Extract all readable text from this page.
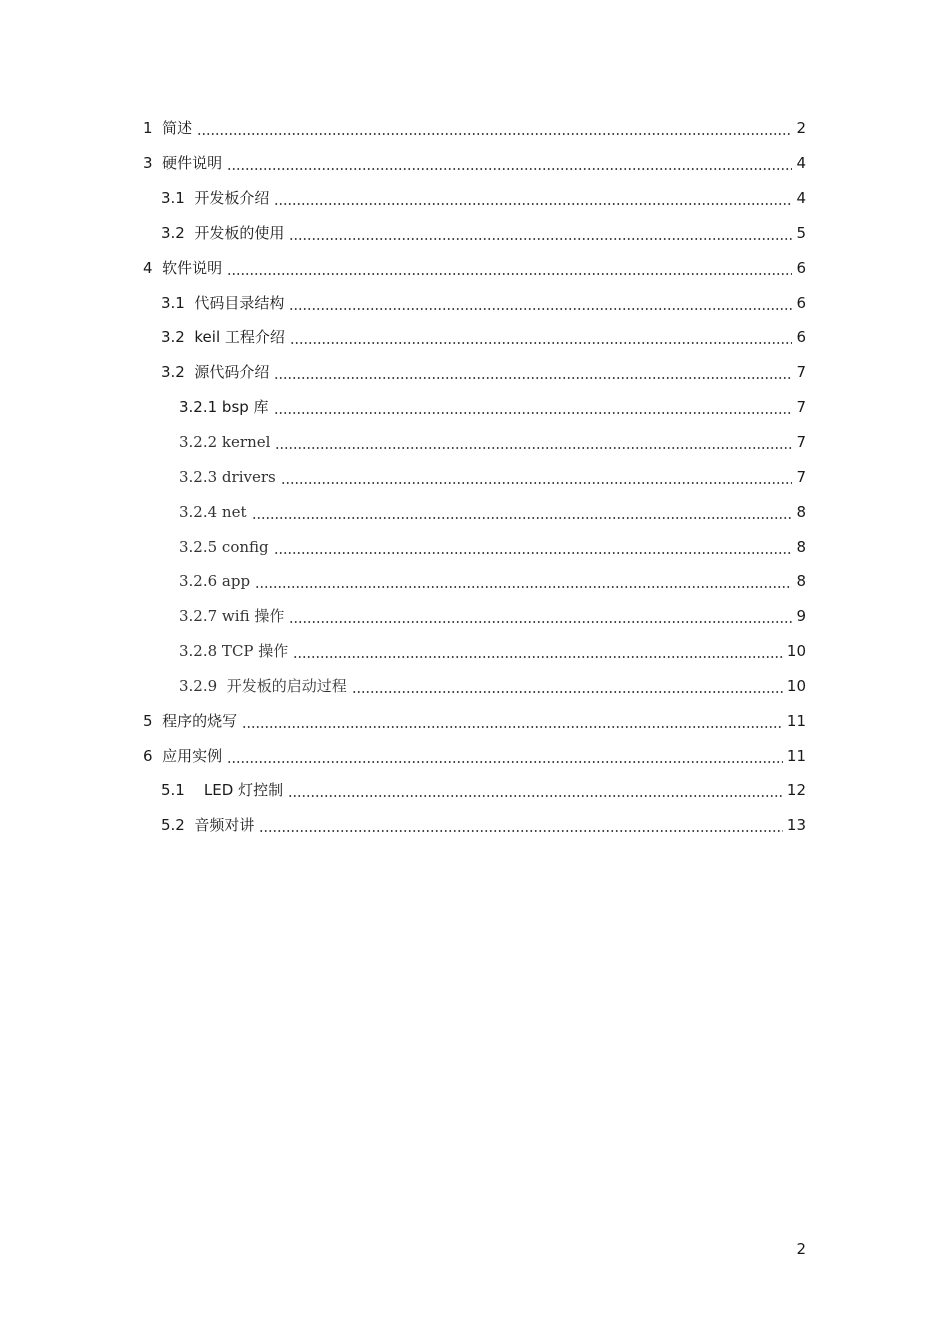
1  简述	2
3  硬件说明	4
3.1  开发板介绍	4
3.2  开发板的使用	5
4  软件说明	6
3.1  代码目录结构	6
3.2  keil 工程介绍	6
3.2  源代码介绍	7
3.2.1 bsp 库	7
3.2.2 kernel	7
3.2.3 drivers	7
3.2.4 net	8
3.2.5 config	8
3.2.6 app	8
3.2.7 wifi 操作	9
3.2.8 TCP 操作	10
3.2.9  开发板的启动过程	10
5  程序的烧写	11
6  应用实例	11
5.1    LED 灯控制	12
5.2  音频对讲	13
2
